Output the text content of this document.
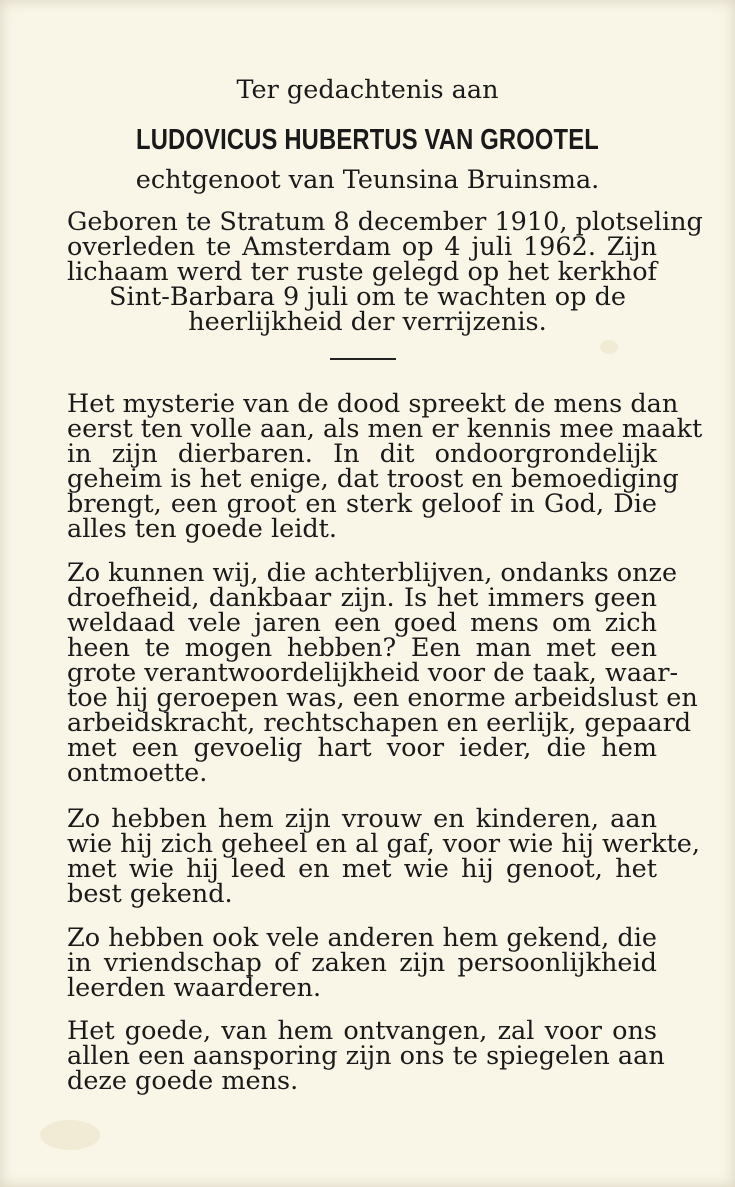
Ter gedachtenis aan
LUDOVICUS HUBERTUS VAN GROOTEL
echtgenoot van Teunsina Bruinsma.
Geboren te Stratum 8 december 1910, plotseling
overleden te Amsterdam op 4 juli 1962. Zijn
lichaam werd ter ruste gelegd op het kerkhof
Sint-Barbara 9 juli om te wachten op de
heerlijkheid der verrijzenis.
Het mysterie van de dood spreekt de mens dan
eerst ten volle aan, als men er kennis mee maakt
in zijn dierbaren. In dit ondoorgrondelijk
geheim is het enige, dat troost en bemoediging
brengt, een groot en sterk geloof in God, Die
alles ten goede leidt.
Zo kunnen wij, die achterblijven, ondanks onze
droefheid, dankbaar zijn. Is het immers geen
weldaad vele jaren een goed mens om zich
heen te mogen hebben? Een man met een
grote verantwoordelijkheid voor de taak, waar-
toe hij geroepen was, een enorme arbeidslust en
arbeidskracht, rechtschapen en eerlijk, gepaard
met een gevoelig hart voor ieder, die hem
ontmoette.
Zo hebben hem zijn vrouw en kinderen, aan
wie hij zich geheel en al gaf, voor wie hij werkte,
met wie hij leed en met wie hij genoot, het
best gekend.
Zo hebben ook vele anderen hem gekend, die
in vriendschap of zaken zijn persoonlijkheid
leerden waarderen.
Het goede, van hem ontvangen, zal voor ons
allen een aansporing zijn ons te spiegelen aan
deze goede mens.
